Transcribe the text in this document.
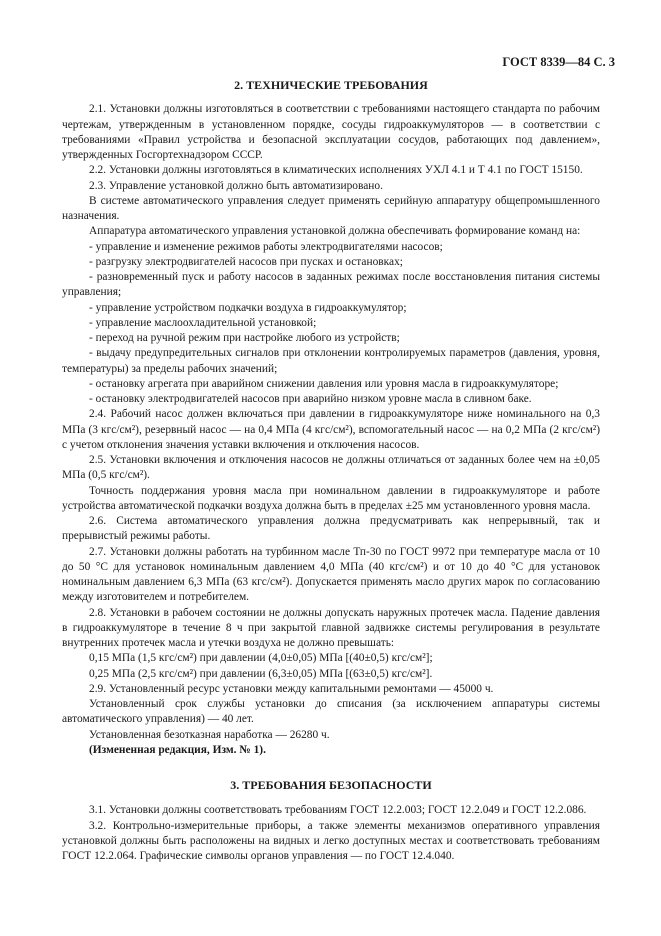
ГОСТ 8339—84 С. 3
2. ТЕХНИЧЕСКИЕ ТРЕБОВАНИЯ

2.1. Установки должны изготовляться в соответствии с требованиями настоящего стандарта по рабочим чертежам, утвержденным в установленном порядке, сосуды гидроаккумуляторов — в соответствии с требованиями «Правил устройства и безопасной эксплуатации сосудов, работающих под давлением», утвержденных Госгортехнадзором СССР.

2.2. Установки должны изготовляться в климатических исполнениях УХЛ 4.1 и Т 4.1 по ГОСТ 15150.

2.3. Управление установкой должно быть автоматизировано.

В системе автоматического управления следует применять серийную аппаратуру общепромышленного назначения.

Аппаратура автоматического управления установкой должна обеспечивать формирование команд на:

- управление и изменение режимов работы электродвигателями насосов;

- разгрузку электродвигателей насосов при пусках и остановках;

- разновременный пуск и работу насосов в заданных режимах после восстановления питания системы управления;

- управление устройством подкачки воздуха в гидроаккумулятор;

- управление маслоохладительной установкой;

- переход на ручной режим при настройке любого из устройств;

- выдачу предупредительных сигналов при отклонении контролируемых параметров (давления, уровня, температуры) за пределы рабочих значений;

- остановку агрегата при аварийном снижении давления или уровня масла в гидроаккумуляторе;

- остановку электродвигателей насосов при аварийно низком уровне масла в сливном баке.

2.4. Рабочий насос должен включаться при давлении в гидроаккумуляторе ниже номинального на 0,3 МПа (3 кгс/см²), резервный насос — на 0,4 МПа (4 кгс/см²), вспомогательный насос — на 0,2 МПа (2 кгс/см²) с учетом отклонения значения уставки включения и отключения насосов.

2.5. Установки включения и отключения насосов не должны отличаться от заданных более чем на ±0,05 МПа (0,5 кгс/см²).

Точность поддержания уровня масла при номинальном давлении в гидроаккумуляторе и работе устройства автоматической подкачки воздуха должна быть в пределах ±25 мм установленного уровня масла.

2.6. Система автоматического управления должна предусматривать как непрерывный, так и прерывистый режимы работы.

2.7. Установки должны работать на турбинном масле Тп-30 по ГОСТ 9972 при температуре масла от 10 до 50 °С для установок номинальным давлением 4,0 МПа (40 кгс/см²) и от 10 до 40 °С для установок номинальным давлением 6,3 МПа (63 кгс/см²). Допускается применять масло других марок по согласованию между изготовителем и потребителем.

2.8. Установки в рабочем состоянии не должны допускать наружных протечек масла. Падение давления в гидроаккумуляторе в течение 8 ч при закрытой главной задвижке системы регулирования в результате внутренних протечек масла и утечки воздуха не должно превышать:

0,15 МПа (1,5 кгс/см²) при давлении (4,0±0,05) МПа [(40±0,5) кгс/см²];

0,25 МПа (2,5 кгс/см²) при давлении (6,3±0,05) МПа [(63±0,5) кгс/см²].

2.9. Установленный ресурс установки между капитальными ремонтами — 45000 ч.

Установленный срок службы установки до списания (за исключением аппаратуры системы автоматического управления) — 40 лет.

Установленная безотказная наработка — 26280 ч.

(Измененная редакция, Изм. № 1).

3. ТРЕБОВАНИЯ БЕЗОПАСНОСТИ

3.1. Установки должны соответствовать требованиям ГОСТ 12.2.003; ГОСТ 12.2.049 и ГОСТ 12.2.086.

3.2. Контрольно-измерительные приборы, а также элементы механизмов оперативного управления установкой должны быть расположены на видных и легко доступных местах и соответствовать требованиям ГОСТ 12.2.064. Графические символы органов управления — по ГОСТ 12.4.040.
